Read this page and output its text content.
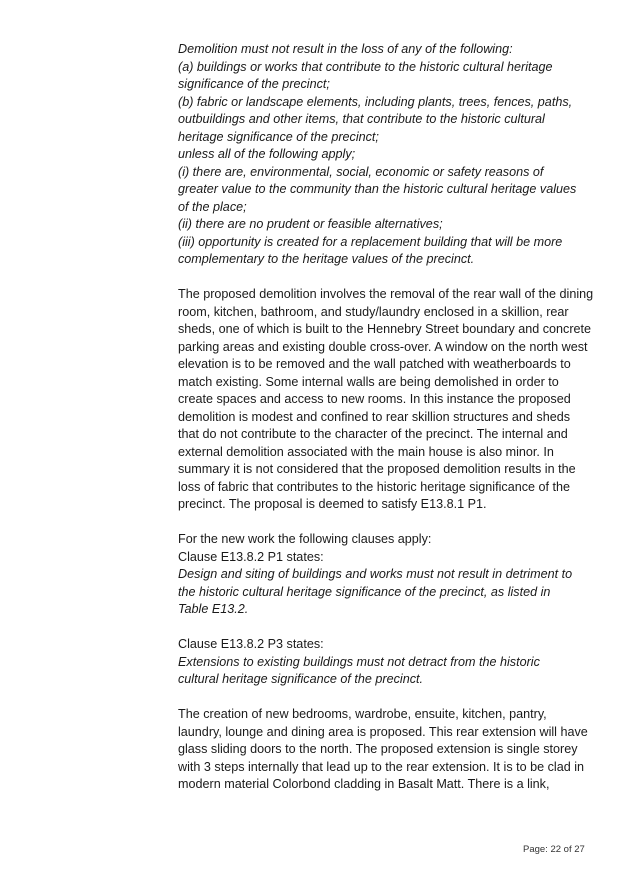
Demolition must not result in the loss of any of the following:
(a) buildings or works that contribute to the historic cultural heritage
significance of the precinct;
(b) fabric or landscape elements, including plants, trees, fences, paths,
outbuildings and other items, that contribute to the historic cultural
heritage significance of the precinct;
unless all of the following apply;
(i) there are, environmental, social, economic or safety reasons of
greater value to the community than the historic cultural heritage values
of the place;
(ii) there are no prudent or feasible alternatives;
(iii) opportunity is created for a replacement building that will be more
complementary to the heritage values of the precinct.
The proposed demolition involves the removal of the rear wall of the dining
room, kitchen, bathroom, and study/laundry enclosed in a skillion, rear
sheds, one of which is built to the Hennebry Street boundary and concrete
parking areas and existing double cross-over. A window on the north west
elevation is to be removed and the wall patched with weatherboards to
match existing. Some internal walls are being demolished in order to
create spaces and access to new rooms. In this instance the proposed
demolition is modest and confined to rear skillion structures and sheds
that do not contribute to the character of the precinct. The internal and
external demolition associated with the main house is also minor. In
summary it is not considered that the proposed demolition results in the
loss of fabric that contributes to the historic heritage significance of the
precinct. The proposal is deemed to satisfy E13.8.1 P1.
For the new work the following clauses apply:
Clause E13.8.2 P1 states:
Design and siting of buildings and works must not result in detriment to
the historic cultural heritage significance of the precinct, as listed in
Table E13.2.
Clause E13.8.2 P3 states:
Extensions to existing buildings must not detract from the historic
cultural heritage significance of the precinct.
The creation of new bedrooms, wardrobe, ensuite, kitchen, pantry,
laundry, lounge and dining area is proposed. This rear extension will have
glass sliding doors to the north. The proposed extension is single storey
with 3 steps internally that lead up to the rear extension. It is to be clad in
modern material Colorbond cladding in Basalt Matt. There is a link,
Page: 22 of 27
